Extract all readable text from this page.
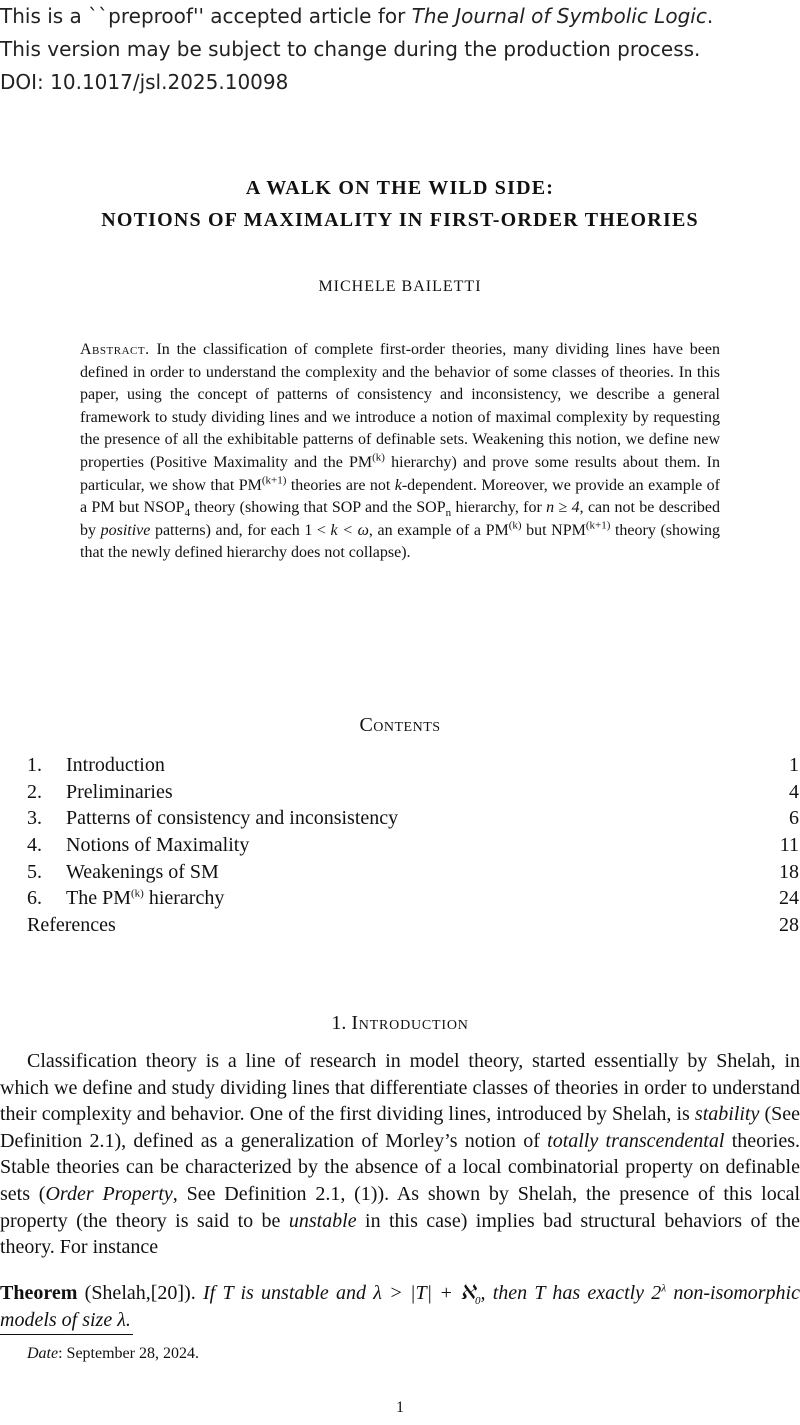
This is a ``preproof'' accepted article for The Journal of Symbolic Logic.
This version may be subject to change during the production process.
DOI: 10.1017/jsl.2025.10098
A WALK ON THE WILD SIDE:
NOTIONS OF MAXIMALITY IN FIRST-ORDER THEORIES
MICHELE BAILETTI
Abstract. In the classification of complete first-order theories, many dividing lines have been defined in order to understand the complexity and the behavior of some classes of theories. In this paper, using the concept of patterns of consistency and inconsistency, we describe a general framework to study dividing lines and we introduce a notion of maximal complexity by requesting the presence of all the exhibitable patterns of definable sets. Weakening this notion, we define new properties (Positive Maximality and the PM$^{(k)}$ hierarchy) and prove some results about them. In particular, we show that $PM^{(k+1)}$ theories are not k-dependent. Moreover, we provide an example of a PM but $NSOP_4$ theory (showing that SOP and the $SOP_n$ hierarchy, for n ≥ 4, can not be described by positive patterns) and, for each 1 < k < ω, an example of a PM$^{(k)}$ but $NPM^{(k+1)}$ theory (showing that the newly defined hierarchy does not collapse).
Contents
1. Introduction	1
2. Preliminaries	4
3. Patterns of consistency and inconsistency	6
4. Notions of Maximality	11
5. Weakenings of SM	18
6. The PM$^{(k)}$ hierarchy	24
References	28
1. Introduction

Classification theory is a line of research in model theory, started essentially by Shelah, in which we define and study dividing lines that differentiate classes of theories in order to understand their complexity and behavior. One of the first dividing lines, introduced by Shelah, is stability (See Definition 2.1), defined as a generalization of Morley’s notion of totally transcendental theories. Stable theories can be characterized by the absence of a local combinatorial property on definable sets (Order Property, See Definition 2.1, (1)). As shown by Shelah, the presence of this local property (the theory is said to be unstable in this case) implies bad structural behaviors of the theory. For instance

Theorem (Shelah,[20]). If T is unstable and λ > |T| + ℵ$_0$, then T has exactly $2^\lambda$ non-isomorphic models of size λ.

Date: September 28, 2024.
1
